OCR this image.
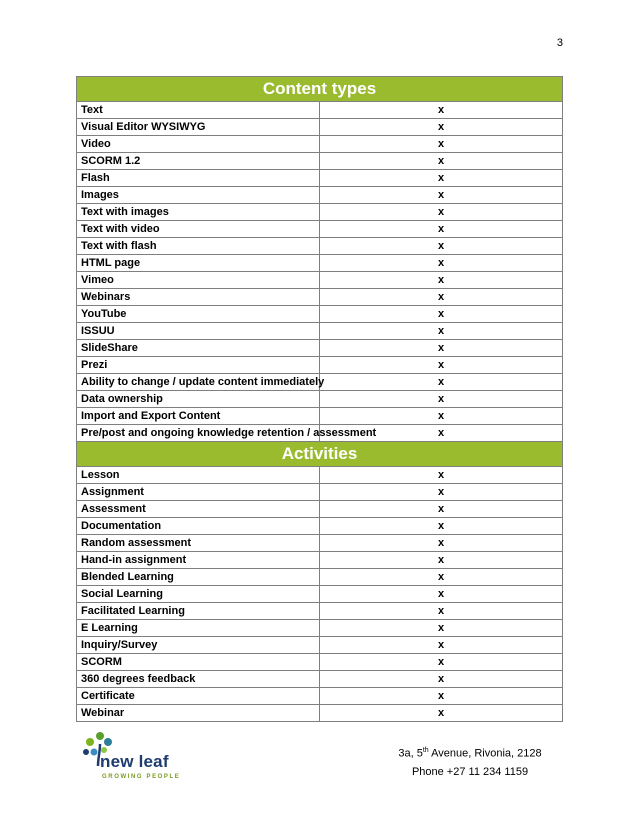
3
Content types	
Text	x
Visual Editor WYSIWYG	x
Video	x
SCORM 1.2	x
Flash	x
Images	x
Text with images	x
Text with video	x
Text with flash	x
HTML page	x
Vimeo	x
Webinars	x
YouTube	x
ISSUU	x
SlideShare	x
Prezi	x
Ability to change / update content immediately	x
Data ownership	x
Import and Export Content	x
Pre/post and ongoing knowledge retention / assessment	x
Activities	
Lesson	x
Assignment	x
Assessment	x
Documentation	x
Random assessment	x
Hand-in assignment	x
Blended Learning	x
Social Learning	x
Facilitated Learning	x
E Learning	x
Inquiry/Survey	x
SCORM	x
360 degrees feedback	x
Certificate	x
Webinar	x
new leaf
GROWING PEOPLE
3a, 5th Avenue, Rivonia, 2128
Phone +27 11 234 1159
